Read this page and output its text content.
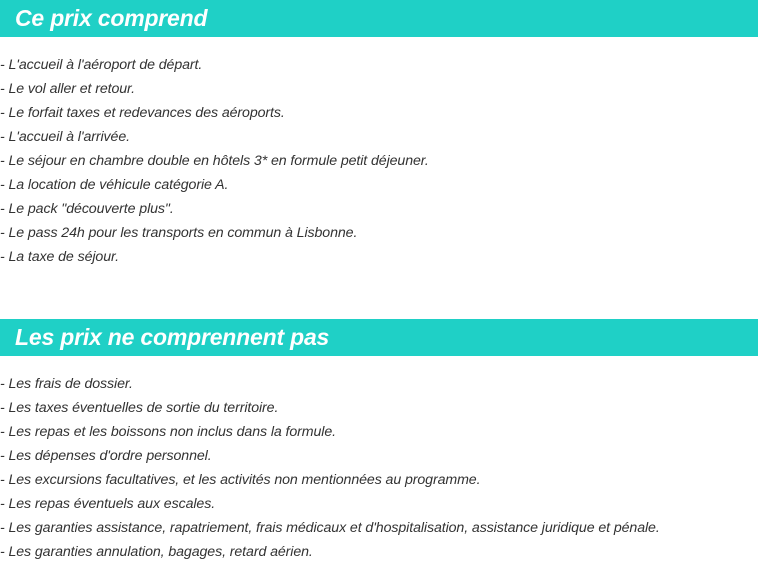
Ce prix comprend
- L'accueil à l'aéroport de départ.
- Le vol aller et retour.
- Le forfait taxes et redevances des aéroports.
- L'accueil à l'arrivée.
- Le séjour en chambre double en hôtels 3* en formule petit déjeuner.
- La location de véhicule catégorie A.
- Le pack "découverte plus".
- Le pass 24h pour les transports en commun à Lisbonne.
- La taxe de séjour.
Les prix ne comprennent pas
- Les frais de dossier.
- Les taxes éventuelles de sortie du territoire.
- Les repas et les boissons non inclus dans la formule.
- Les dépenses d'ordre personnel.
- Les excursions facultatives, et les activités non mentionnées au programme.
- Les repas éventuels aux escales.
- Les garanties assistance, rapatriement, frais médicaux et d'hospitalisation, assistance juridique et pénale.
- Les garanties annulation, bagages, retard aérien.
